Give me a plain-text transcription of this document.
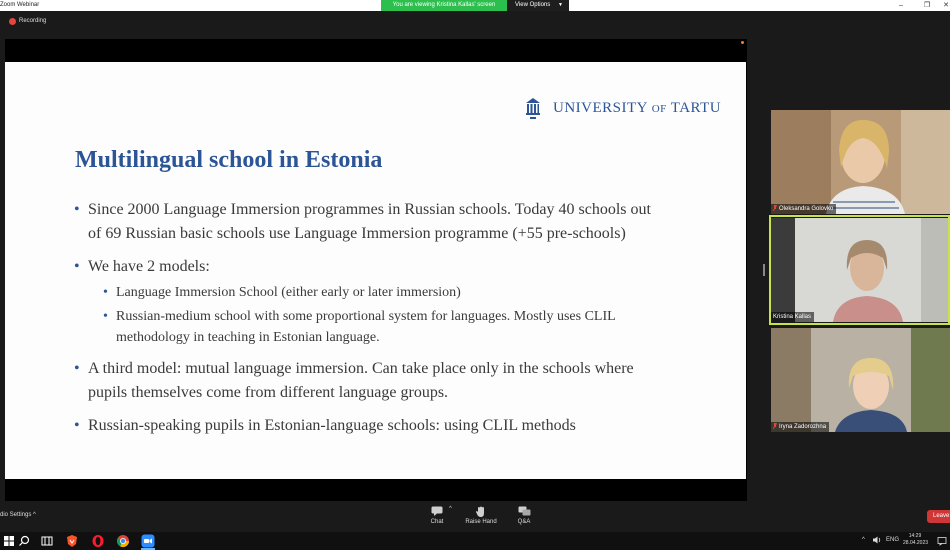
Zoom Webinar	You are viewing Kristina Kallas' screen	View Options ▼	–	❐	✕
Recording
UNIVERSITY OF TARTU
Multilingual school in Estonia
• Since 2000 Language Immersion programmes in Russian schools. Today 40 schools out
of 69 Russian basic schools use Language Immersion programme (+55 pre-schools)
• We have 2 models:
• Language Immersion School (either early or later immersion)
• Russian-medium school with some proportional system for languages. Mostly uses CLIL
methodology in teaching in Estonian language.
• A third model: mutual language immersion. Can take place only in the schools where
pupils themselves come from different language groups.
• Russian-speaking pupils in Estonian-language schools: using CLIL methods
Oleksandra Golovko
Kristina Kallas
Iryna Zadorozhna
dio Settings ^
Chat
^
Raise Hand	Q&A
Leave
^	ENG
14:29
28.04.2023
